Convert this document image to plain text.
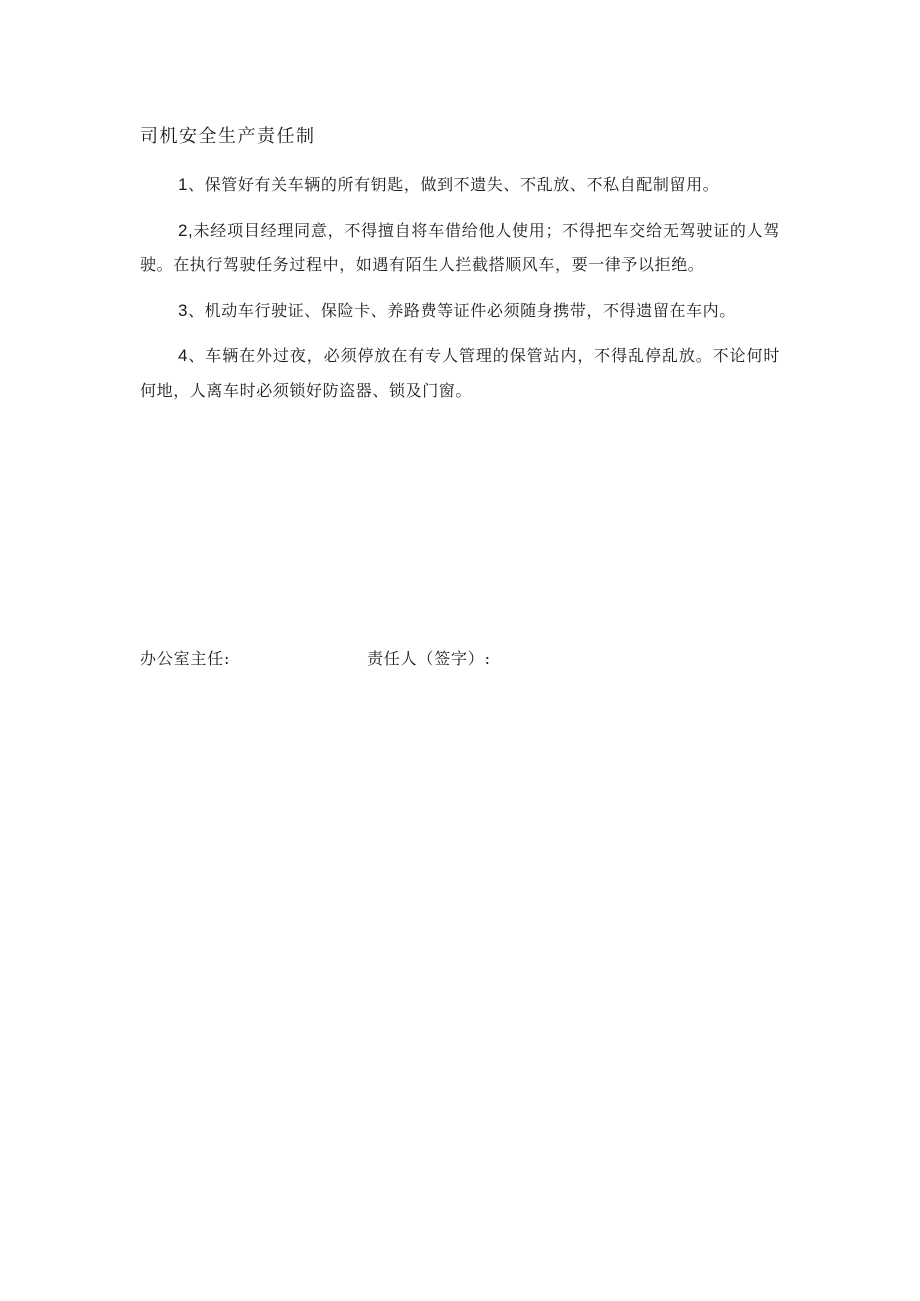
司机安全生产责任制

1、保管好有关车辆的所有钥匙，做到不遗失、不乱放、不私自配制留用。

2,未经项目经理同意，不得擅自将车借给他人使用；不得把车交给无驾驶证的人驾驶。在执行驾驶任务过程中，如遇有陌生人拦截搭顺风车，要一律予以拒绝。

3、机动车行驶证、保险卡、养路费等证件必须随身携带，不得遗留在车内。

4、车辆在外过夜，必须停放在有专人管理的保管站内，不得乱停乱放。不论何时何地，人离车时必须锁好防盗器、锁及门窗。

办公室主任:	责任人（签字）:
